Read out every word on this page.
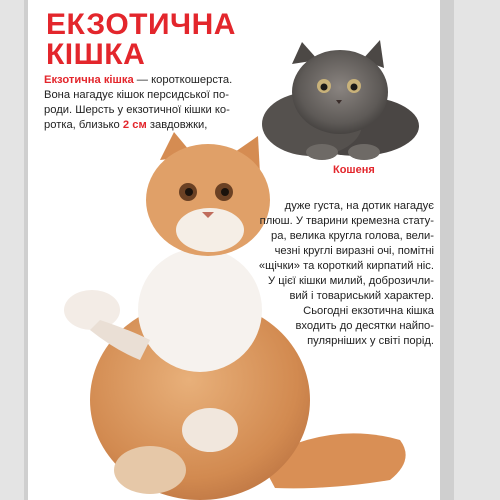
ЕКЗОТИЧНА
КІШКА
Екзотична кішка — короткошерста.
Вона нагадує кішок перcидської по-
роди. Шерсть у екзотичної кішки ко-
ротка, близько 2 см завдовжки,
Кошеня
дуже густа, на дотик нагадує
плюш. У тварини кремезна стату-
ра, велика кругла голова, вели-
чезні круглі виразні очі, помітні
«щічки» та короткий кирпатий ніс.
У цієї кішки милий, доброзичли-
вий і товариський характер.
Сьогодні екзотична кішка
входить до десятки найпо-
пулярніших у світі порід.
